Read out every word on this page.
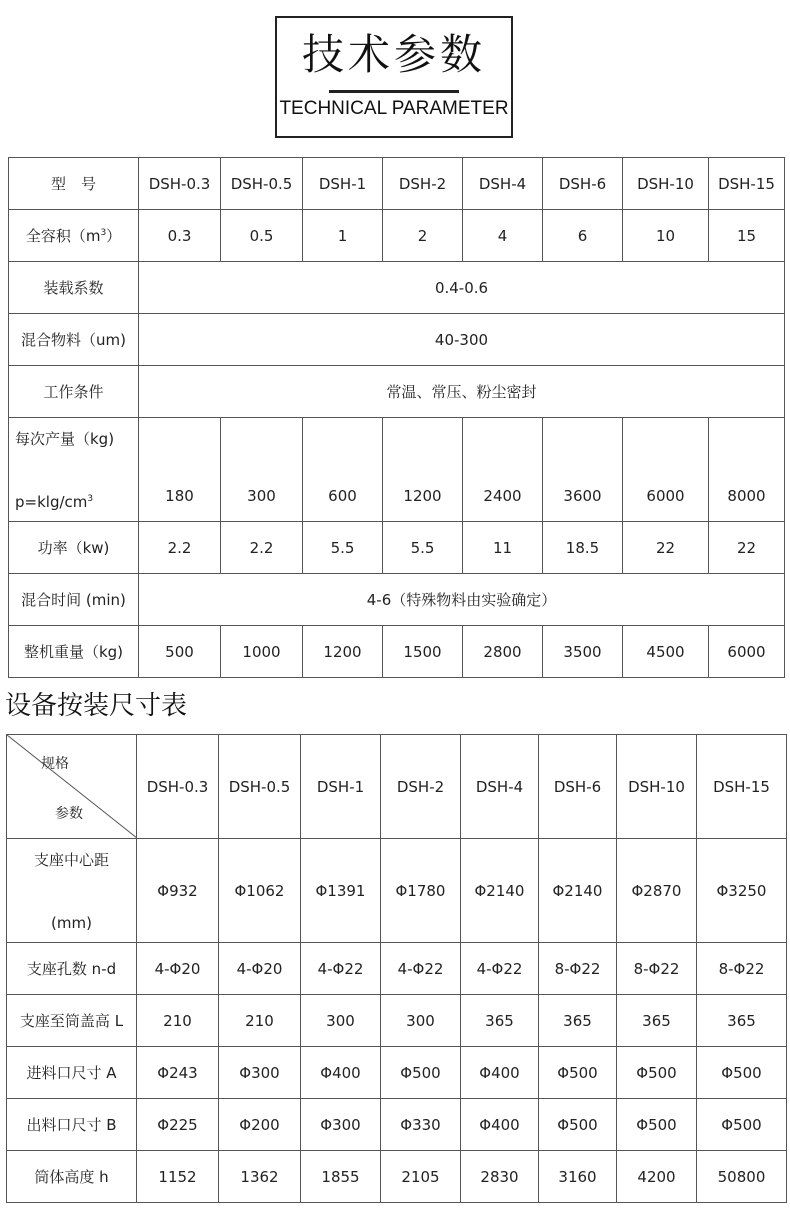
技术参数
TECHNICAL PARAMETER
型　号	DSH-0.3	DSH-0.5	DSH-1	DSH-2	DSH-4	DSH-6	DSH-10	DSH-15
全容积$(m^3)$	0.3	0.5	1	2	4	6	10	15
装载系数	0.4-0.6							
混合物料（um)	40-300							
工作条件	常温、常压、粉尘密封							

每次产量（kg)
$p=klg/cm^3$	180	300	600	1200	2400	3600	6000	8000
功率（kw)	2.2	2.2	5.5	5.5	11	18.5	22	22
混合时间 (min)	4-6（特殊物料由实验确定）							
整机重量（kg)	500	1000	1200	1500	2800	3500	4500	6000
设备按装尺寸表
规格
参数	DSH-0.3	DSH-0.5	DSH-1	DSH-2	DSH-4	DSH-6	DSH-10	DSH-15

支座中心距
(mm)	Φ932	Φ1062	Φ1391	Φ1780	Φ2140	Φ2140	Φ2870	Φ3250
支座孔数 n-d	4-Φ20	4-Φ20	4-Φ22	4-Φ22	4-Φ22	8-Φ22	8-Φ22	8-Φ22
支座至筒盖高 L	210	210	300	300	365	365	365	365
进料口尺寸 A	Φ243	Φ300	Φ400	Φ500	Φ400	Φ500	Φ500	Φ500
出料口尺寸 B	Φ225	Φ200	Φ300	Φ330	Φ400	Φ500	Φ500	Φ500
筒体高度 h	1152	1362	1855	2105	2830	3160	4200	50800
